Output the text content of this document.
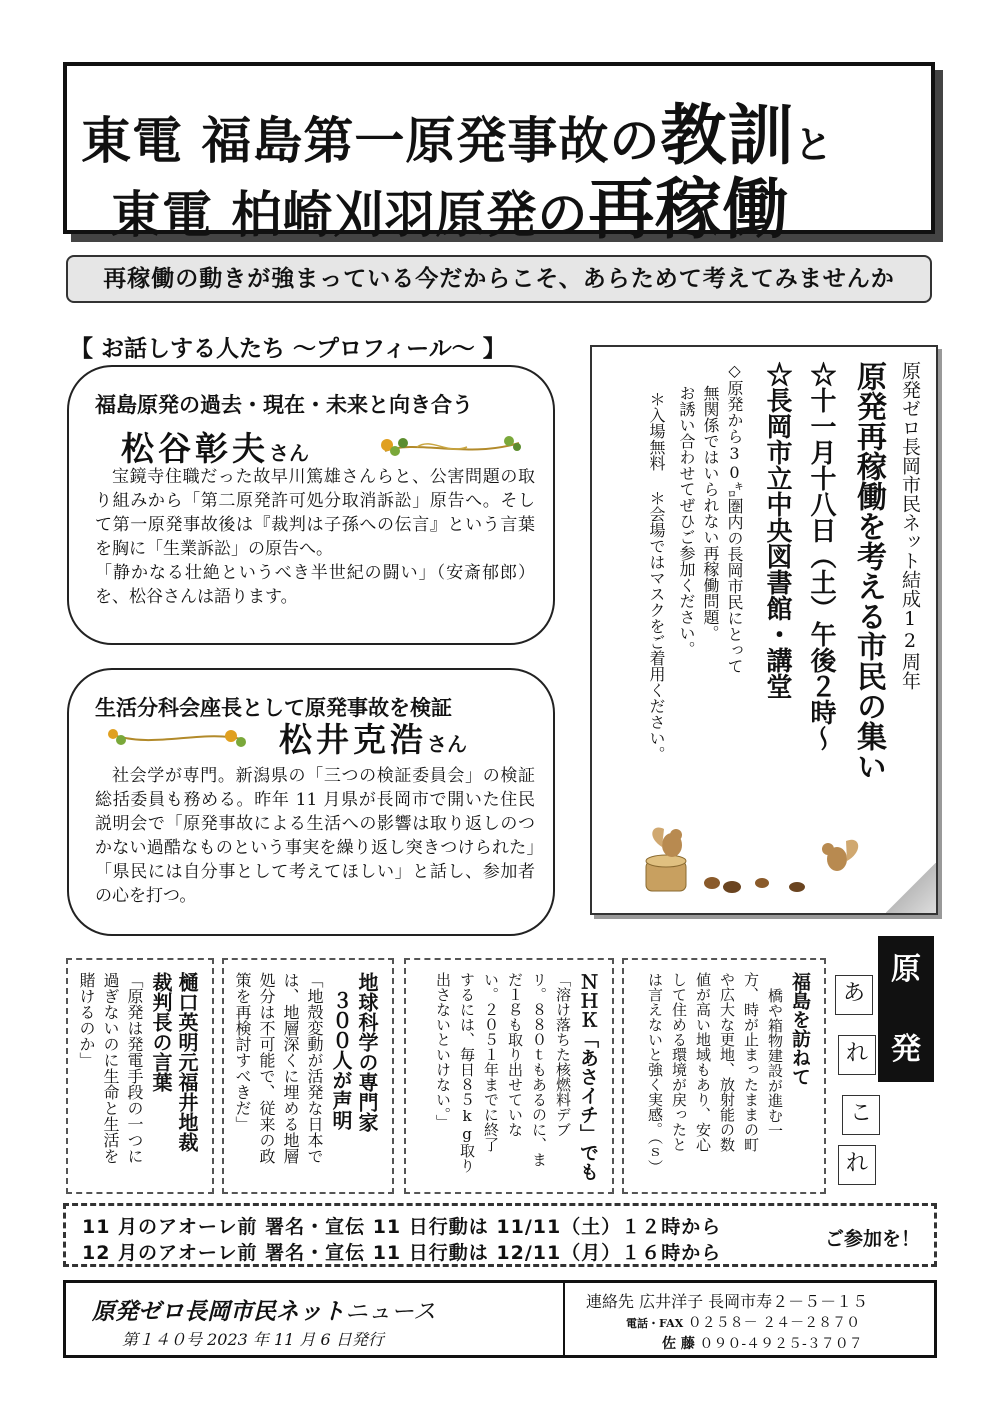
東電 福島第一原発事故の教訓と
東電 柏崎刈羽原発の再稼働
再稼働の動きが強まっている今だからこそ、あらためて考えてみませんか
【 お話しする人たち ～プロフィール～ 】
福島原発の過去・現在・未来と向き合う
松谷彰夫さん

宝鏡寺住職だった故早川篤雄さんらと、公害問題の取り組みから「第二原発許可処分取消訴訟」原告へ。そして第一原発事故後は『裁判は子孫への伝言』という言葉を胸に「生業訴訟」の原告へ。

「静かなる壮絶というべき半世紀の闘い」（安斎郁郎）を、松谷さんは語ります。

生活分科会座長として原発事故を検証
松井克浩さん

社会学が専門。新潟県の「三つの検証委員会」の検証総括委員も務める。昨年 11 月県が長岡市で開いた住民説明会で「原発事故による生活への影響は取り返しのつかない過酷なものという事実を繰り返し突きつけられた」「県民には自分事として考えてほしい」と話し、参加者の心を打つ。

原発ゼロ長岡市民ネット結成12周年
原発再稼働を考える市民の集い
☆十一月十八日（土）午後２時～
☆長岡市立中央図書館・講堂
◇原発から30㌔圏内の長岡市民にとって
無関係ではいられない再稼働問題。
お誘い合わせてぜひご参加ください。
＊入場無料 ＊会場ではマスクをご着用ください。
樋口英明元福井地裁
裁判長の言葉
「原発は発電手段の一つに
過ぎないのに生命と生活を
賭けるのか」	地球科学の専門家
３００人が声明
「地殻変動が活発な日本で
は、地層深くに埋める地層
処分は不可能で、従来の政
策を再検討すべきだ」	ＮＨＫ「あさイチ」でも
「溶け落ちた核燃料デブ
リ。８８０ｔもあるのに、ま
だ１ｇも取り出せていな
い。２０５１年までに終了
するには、毎日８５kg取り
出さないといけない。」	福島を訪ねて
橋や箱物建設が進む一
方、時が止まったままの町
や広大な更地、放射能の数
値が高い地域もあり、安心
して住める環境が戻ったと
は言えないと強く実感。（ｓ）
原
発
あ
れ
こ
れ
11 月のアオーレ前 署名・宣伝 11 日行動は 11/11（土）１２時から
12 月のアオーレ前 署名・宣伝 11 日行動は 12/11（月）１６時から
ご参加を！
原発ゼロ長岡市民ネットニュース
第１４０号 2023 年 11 月 6 日発行
連絡先 広井洋子 長岡市寿２－５－１５
電話・FAX ０２５８－ ２４－２８７０
佐 藤 ０９０-４９２５-３７０７
